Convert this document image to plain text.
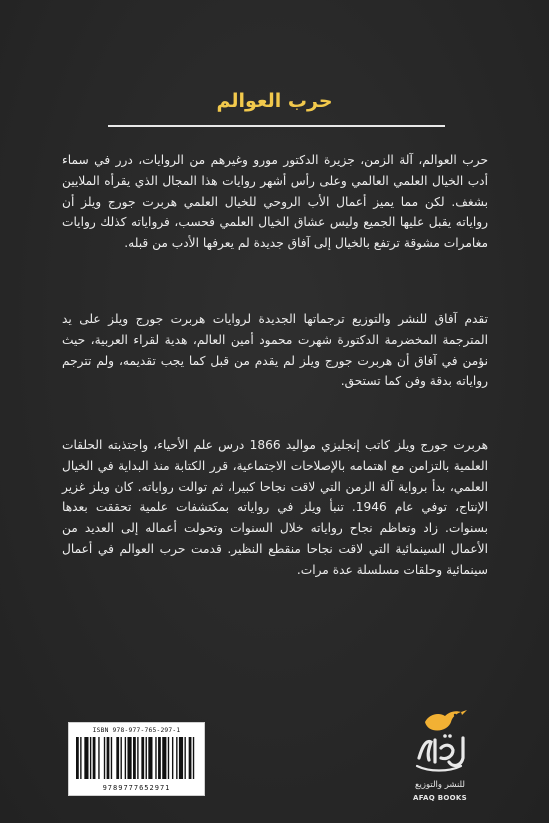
حرب العوالم

حرب العوالم، آلة الزمن، جزيرة الدكتور مورو وغيرهم من الروايات، درر في سماء أدب الخيال العلمي العالمي وعلى رأس أشهر روايات هذا المجال الذي يقرأه الملايين بشغف. لكن مما يميز أعمال الأب الروحي للخيال العلمي هربرت جورج ويلز أن رواياته يقبل عليها الجميع وليس عشاق الخيال العلمي فحسب، فرواياته كذلك روايات مغامرات مشوقة ترتفع بالخيال إلى آفاق جديدة لم يعرفها الأدب من قبله.

تقدم آفاق للنشر والتوزيع ترجماتها الجديدة لروايات هربرت جورج ويلز على يد المترجمة المخضرمة الدكتورة شهرت محمود أمين العالم، هدية لقراء العربية، حيث نؤمن في آفاق أن هربرت جورج ويلز لم يقدم من قبل كما يجب تقديمه، ولم تترجم رواياته بدقة وفن كما تستحق.

هربرت جورج ويلز كاتب إنجليزي مواليد 1866 درس علم الأحياء، واجتذبته الحلقات العلمية بالتزامن مع اهتمامه بالإصلاحات الاجتماعية، قرر الكتابة منذ البداية في الخيال العلمي، بدأ برواية آلة الزمن التي لاقت نجاحا كبيرا، ثم توالت رواياته. كان ويلز غزير الإنتاج، توفي عام 1946. تنبأ ويلز في رواياته بمكتشفات علمية تحققت بعدها بسنوات. زاد وتعاظم نجاح رواياته خلال السنوات وتحولت أعماله إلى العديد من الأعمال السينمائية التي لاقت نجاحا منقطع النظير. قدمت حرب العوالم في أعمال سينمائية وحلقات مسلسلة عدة مرات.

ISBN 978-977-765-297-1
9789777652971	للنشر والتوزيع
AFAQ BOOKS
